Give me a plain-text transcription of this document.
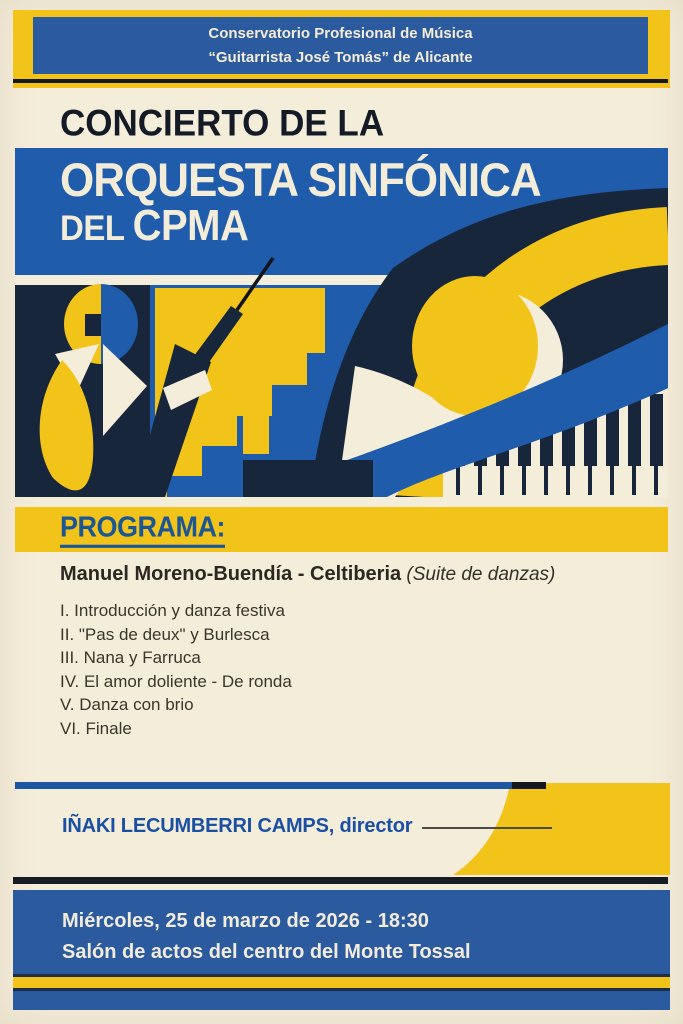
Conservatorio Profesional de Música
“Guitarrista José Tomás” de Alicante
CONCIERTO DE LA
ORQUESTA SINFÓNICA
DEL CPMA
PROGRAMA:
Manuel Moreno-Buendía - Celtiberia (Suite de danzas)
I. Introducción y danza festiva
II. "Pas de deux" y Burlesca
III. Nana y Farruca
IV. El amor doliente - De ronda
V. Danza con brio
VI. Finale
IÑAKI LECUMBERRI CAMPS, director
Miércoles, 25 de marzo de 2026 - 18:30
Salón de actos del centro del Monte Tossal
